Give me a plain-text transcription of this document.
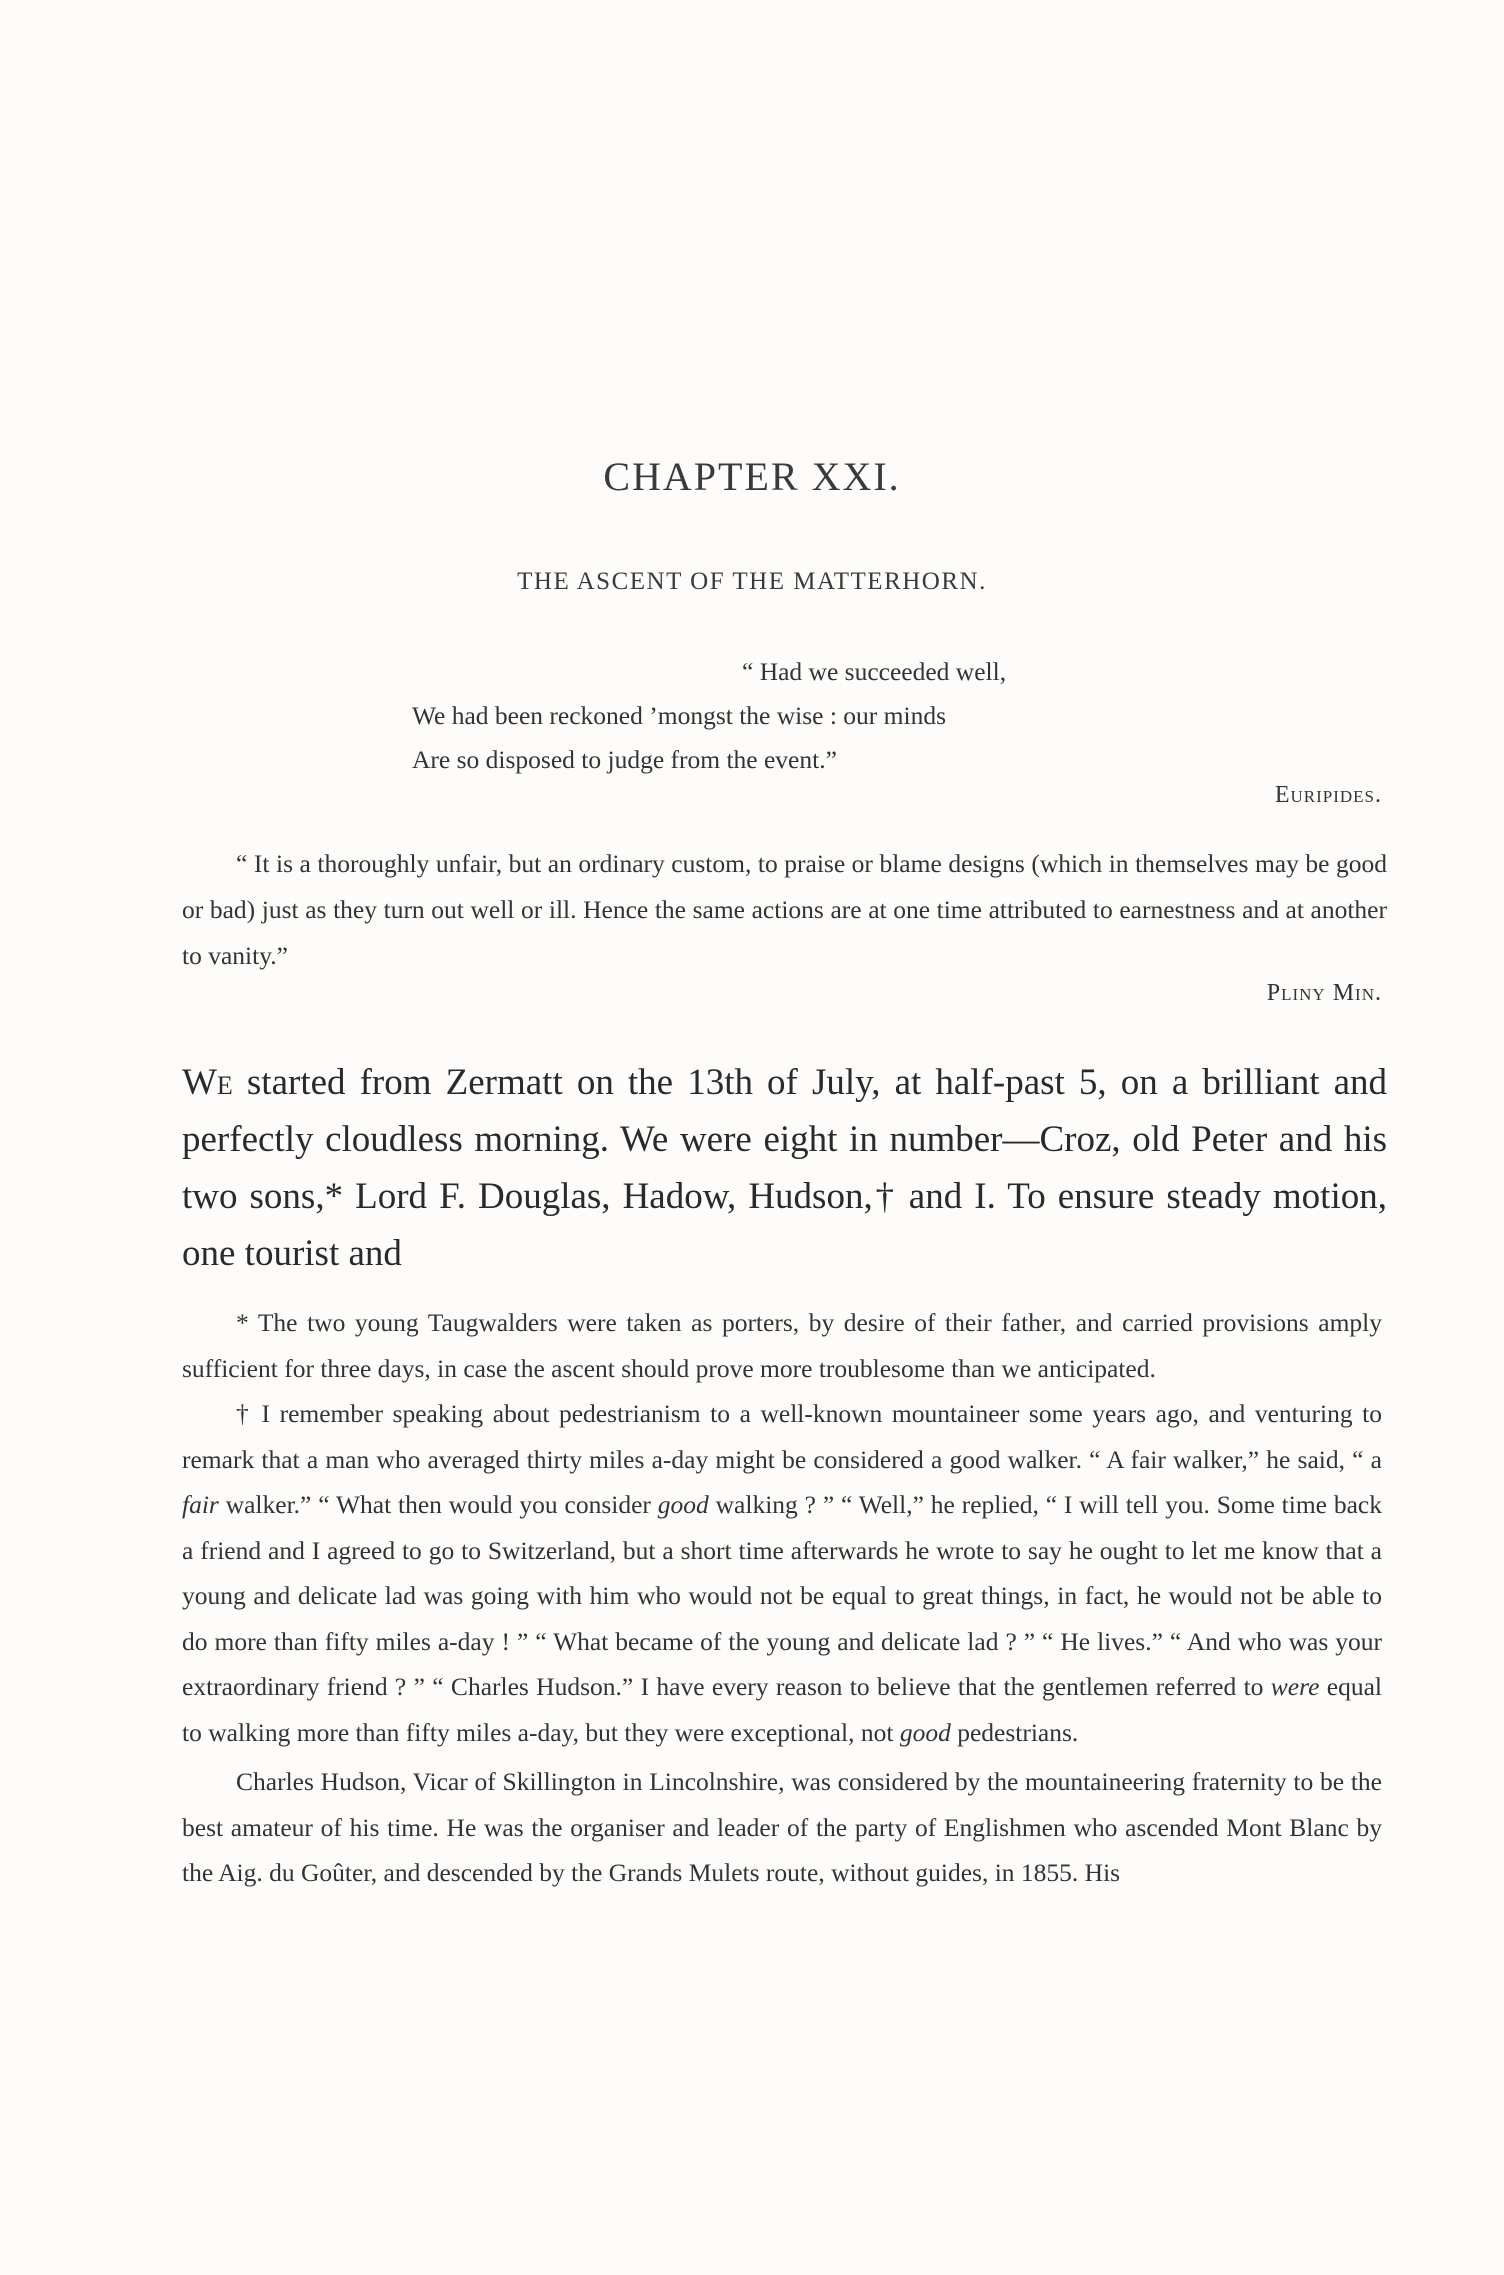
CHAPTER XXI.
THE ASCENT OF THE MATTERHORN.
“ Had we succeeded well,
We had been reckoned ’mongst the wise : our minds
Are so disposed to judge from the event.”
Euripides.
“ It is a thoroughly unfair, but an ordinary custom, to praise or blame designs (which in themselves may be good or bad) just as they turn out well or ill. Hence the same actions are at one time attributed to earnestness and at another to vanity.”
Pliny Min.
We started from Zermatt on the 13th of July, at half-past 5, on a brilliant and perfectly cloudless morning. We were eight in number—Croz, old Peter and his two sons,* Lord F. Douglas, Hadow, Hudson,† and I. To ensure steady motion, one tourist and

* The two young Taugwalders were taken as porters, by desire of their father, and carried provisions amply sufficient for three days, in case the ascent should prove more troublesome than we anticipated.

† I remember speaking about pedestrianism to a well-known mountaineer some years ago, and venturing to remark that a man who averaged thirty miles a-day might be considered a good walker. “ A fair walker,” he said, “ a fair walker.” “ What then would you consider good walking ? ” “ Well,” he replied, “ I will tell you. Some time back a friend and I agreed to go to Switzerland, but a short time afterwards he wrote to say he ought to let me know that a young and delicate lad was going with him who would not be equal to great things, in fact, he would not be able to do more than fifty miles a-day ! ” “ What became of the young and delicate lad ? ” “ He lives.” “ And who was your extraordinary friend ? ” “ Charles Hudson.” I have every reason to believe that the gentlemen referred to were equal to walking more than fifty miles a-day, but they were exceptional, not good pedestrians.

Charles Hudson, Vicar of Skillington in Lincolnshire, was considered by the mountaineering fraternity to be the best amateur of his time. He was the organiser and leader of the party of Englishmen who ascended Mont Blanc by the Aig. du Goûter, and descended by the Grands Mulets route, without guides, in 1855. His
